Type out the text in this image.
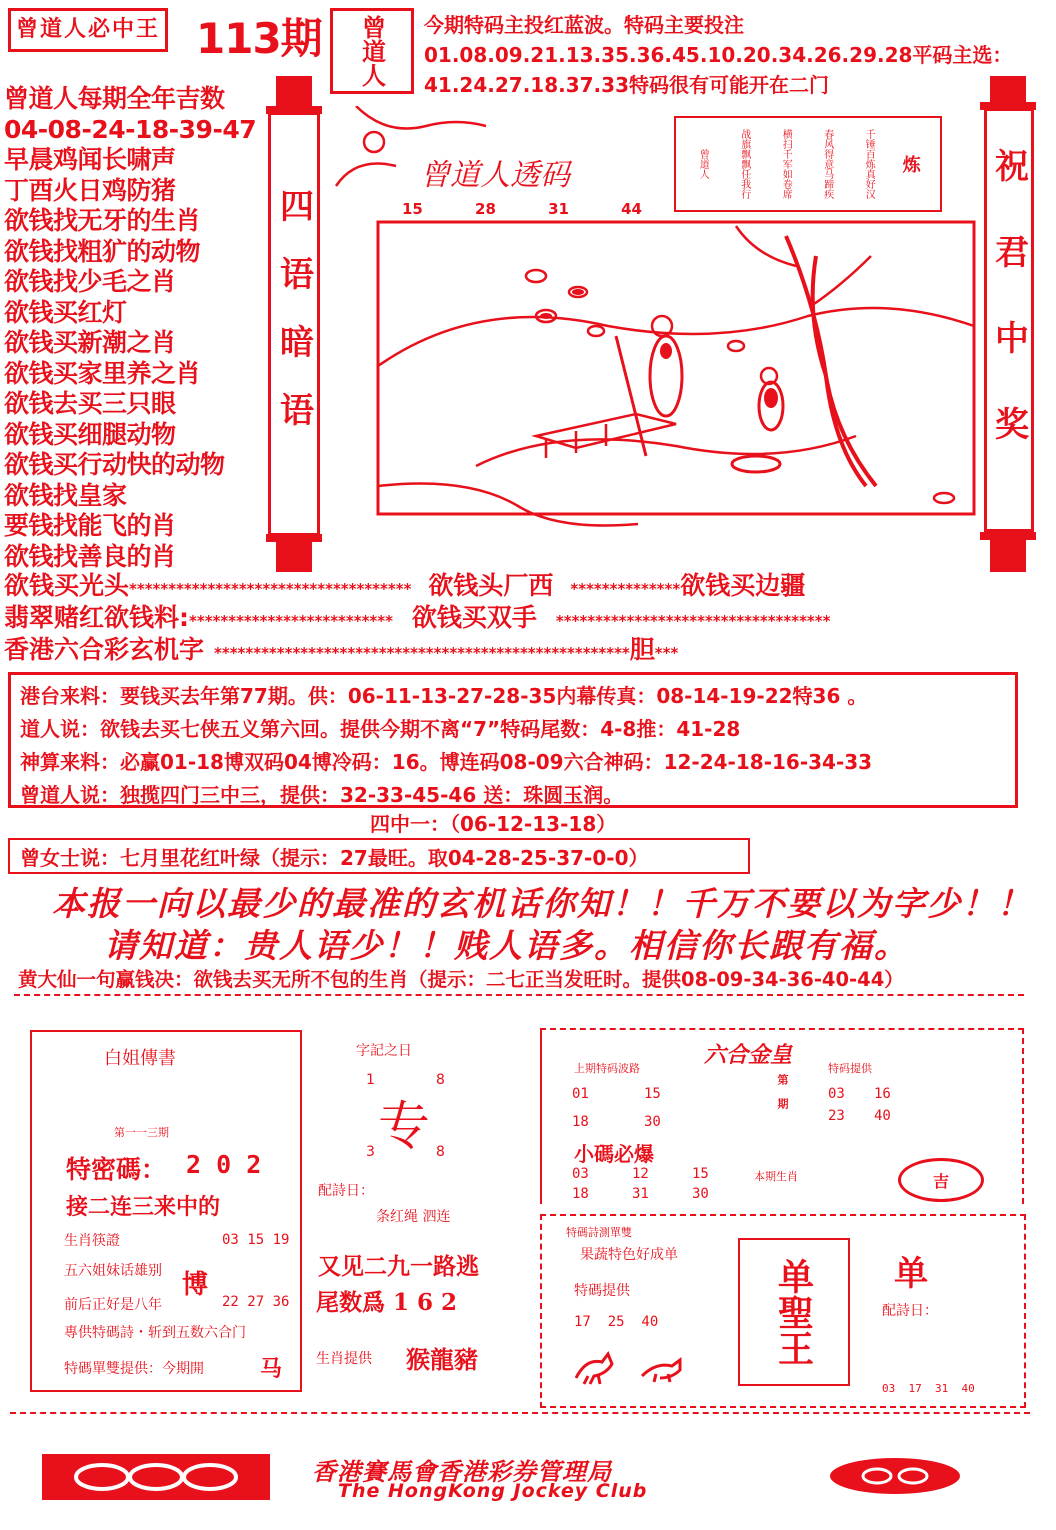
曾道人必中王 113期 曾道人 今期特码主投红蓝波。特码主要投注01.08.09.21.13.35.36.45.10.20.34.26.29.28平码主选：41.24.27.18.37.33特码很有可能开在二门
曾道人每期全年吉数
04-08-24-18-39-47
早晨鸡闻长啸声
丁酉火日鸡防猪
欲钱找无牙的生肖
欲钱找粗犷的动物
欲钱找少毛之肖
欲钱买红灯
欲钱买新潮之肖
欲钱买家里养之肖
欲钱去买三只眼
欲钱买细腿动物
欲钱买行动快的动物
欲钱找皇家
要钱找能飞的肖
欲钱找善良的肖
四语暗语
炼
千锤百炼真好汉
春风得意马蹄疾
横扫千军如卷席
战旗飘飘任我行
曾道人
曾道人透码
15	28	31	44	祝君中奖
欲钱买光头************************************ 欲钱头厂西 **************欲钱买边疆
翡翠赌红欲钱料:************************** 欲钱买双手 ***********************************
香港六合彩玄机字 *****************************************************胆***
港台来料：要钱买去年第77期。供：06-11-13-27-28-35内幕传真：08-14-19-22特36 。
道人说：欲钱去买七侠五义第六回。提供今期不离“7”特码尾数：4-8推：41-28
神算来料：必赢01-18博双码04博冷码：16。博连码08-09六合神码：12-24-18-16-34-33
曾道人说：独揽四门三中三，提供：32-33-45-46 送：珠圆玉润。
四中一：（06-12-13-18）
曾女士说：七月里花红叶绿（提示：27最旺。取04-28-25-37-0-0）
本报一向以最少的最准的玄机话你知！！千万不要以为字少！！
请知道：贵人语少！！贱人语多。相信你长跟有福。
黄大仙一句赢钱决：欲钱去买无所不包的生肖（提示：二七正当发旺时。提供08-09-34-36-40-44）
白姐傳書
第一一三期
特密碼： 2 0 2
接二连三来中的
生肖筷證
五六姐妹话雄别
前后正好是八年
專供特碼詩・斩到五数六合门
特碼單雙提供：今期開
博
03 15 19
22 27 36
马
字記之日
1	8
3	8
专
配詩日：
条红绳 泗连
又见二九一路逃
尾数爲 1 6 2
生肖提供 猴龍豬
六合金皇
上期特码波路
01	15
18	30
第 期
特码提供
03 16
23 40
小碼必爆
03	12	15
18	31	30
本期生肖	吉
特碼詩測單雙
果蔬特色好成单
特碼提供
17  25  40	单聖王 单
配詩日：
03  17  31  40
香港賽馬會香港彩券管理局
The HongKong Jockey Club
